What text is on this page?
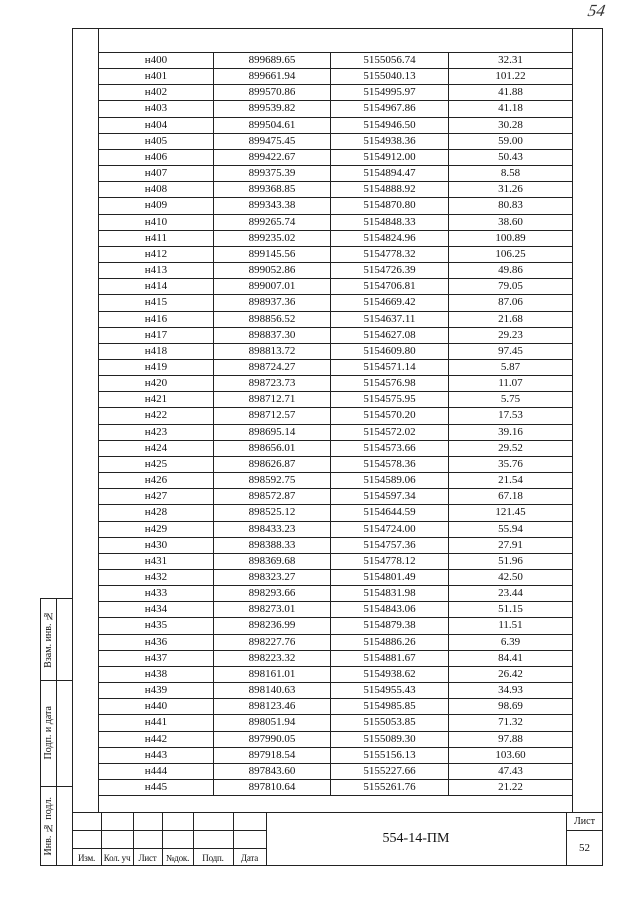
54
н400	899689.65	5155056.74	32.31
н401	899661.94	5155040.13	101.22
н402	899570.86	5154995.97	41.88
н403	899539.82	5154967.86	41.18
н404	899504.61	5154946.50	30.28
н405	899475.45	5154938.36	59.00
н406	899422.67	5154912.00	50.43
н407	899375.39	5154894.47	8.58
н408	899368.85	5154888.92	31.26
н409	899343.38	5154870.80	80.83
н410	899265.74	5154848.33	38.60
н411	899235.02	5154824.96	100.89
н412	899145.56	5154778.32	106.25
н413	899052.86	5154726.39	49.86
н414	899007.01	5154706.81	79.05
н415	898937.36	5154669.42	87.06
н416	898856.52	5154637.11	21.68
н417	898837.30	5154627.08	29.23
н418	898813.72	5154609.80	97.45
н419	898724.27	5154571.14	5.87
н420	898723.73	5154576.98	11.07
н421	898712.71	5154575.95	5.75
н422	898712.57	5154570.20	17.53
н423	898695.14	5154572.02	39.16
н424	898656.01	5154573.66	29.52
н425	898626.87	5154578.36	35.76
н426	898592.75	5154589.06	21.54
н427	898572.87	5154597.34	67.18
н428	898525.12	5154644.59	121.45
н429	898433.23	5154724.00	55.94
н430	898388.33	5154757.36	27.91
н431	898369.68	5154778.12	51.96
н432	898323.27	5154801.49	42.50
н433	898293.66	5154831.98	23.44
н434	898273.01	5154843.06	51.15
н435	898236.99	5154879.38	11.51
н436	898227.76	5154886.26	6.39
н437	898223.32	5154881.67	84.41
н438	898161.01	5154938.62	26.42
н439	898140.63	5154955.43	34.93
н440	898123.46	5154985.85	98.69
н441	898051.94	5155053.85	71.32
н442	897990.05	5155089.30	97.88
н443	897918.54	5155156.13	103.60
н444	897843.60	5155227.66	47.43
н445	897810.64	5155261.76	21.22
Взам. инв. №
Подп. и дата
Инв. № подл.
Изм. Кол. уч Лист	№док.	Подп.	Дата
554-14-ПМ
Лист
52
